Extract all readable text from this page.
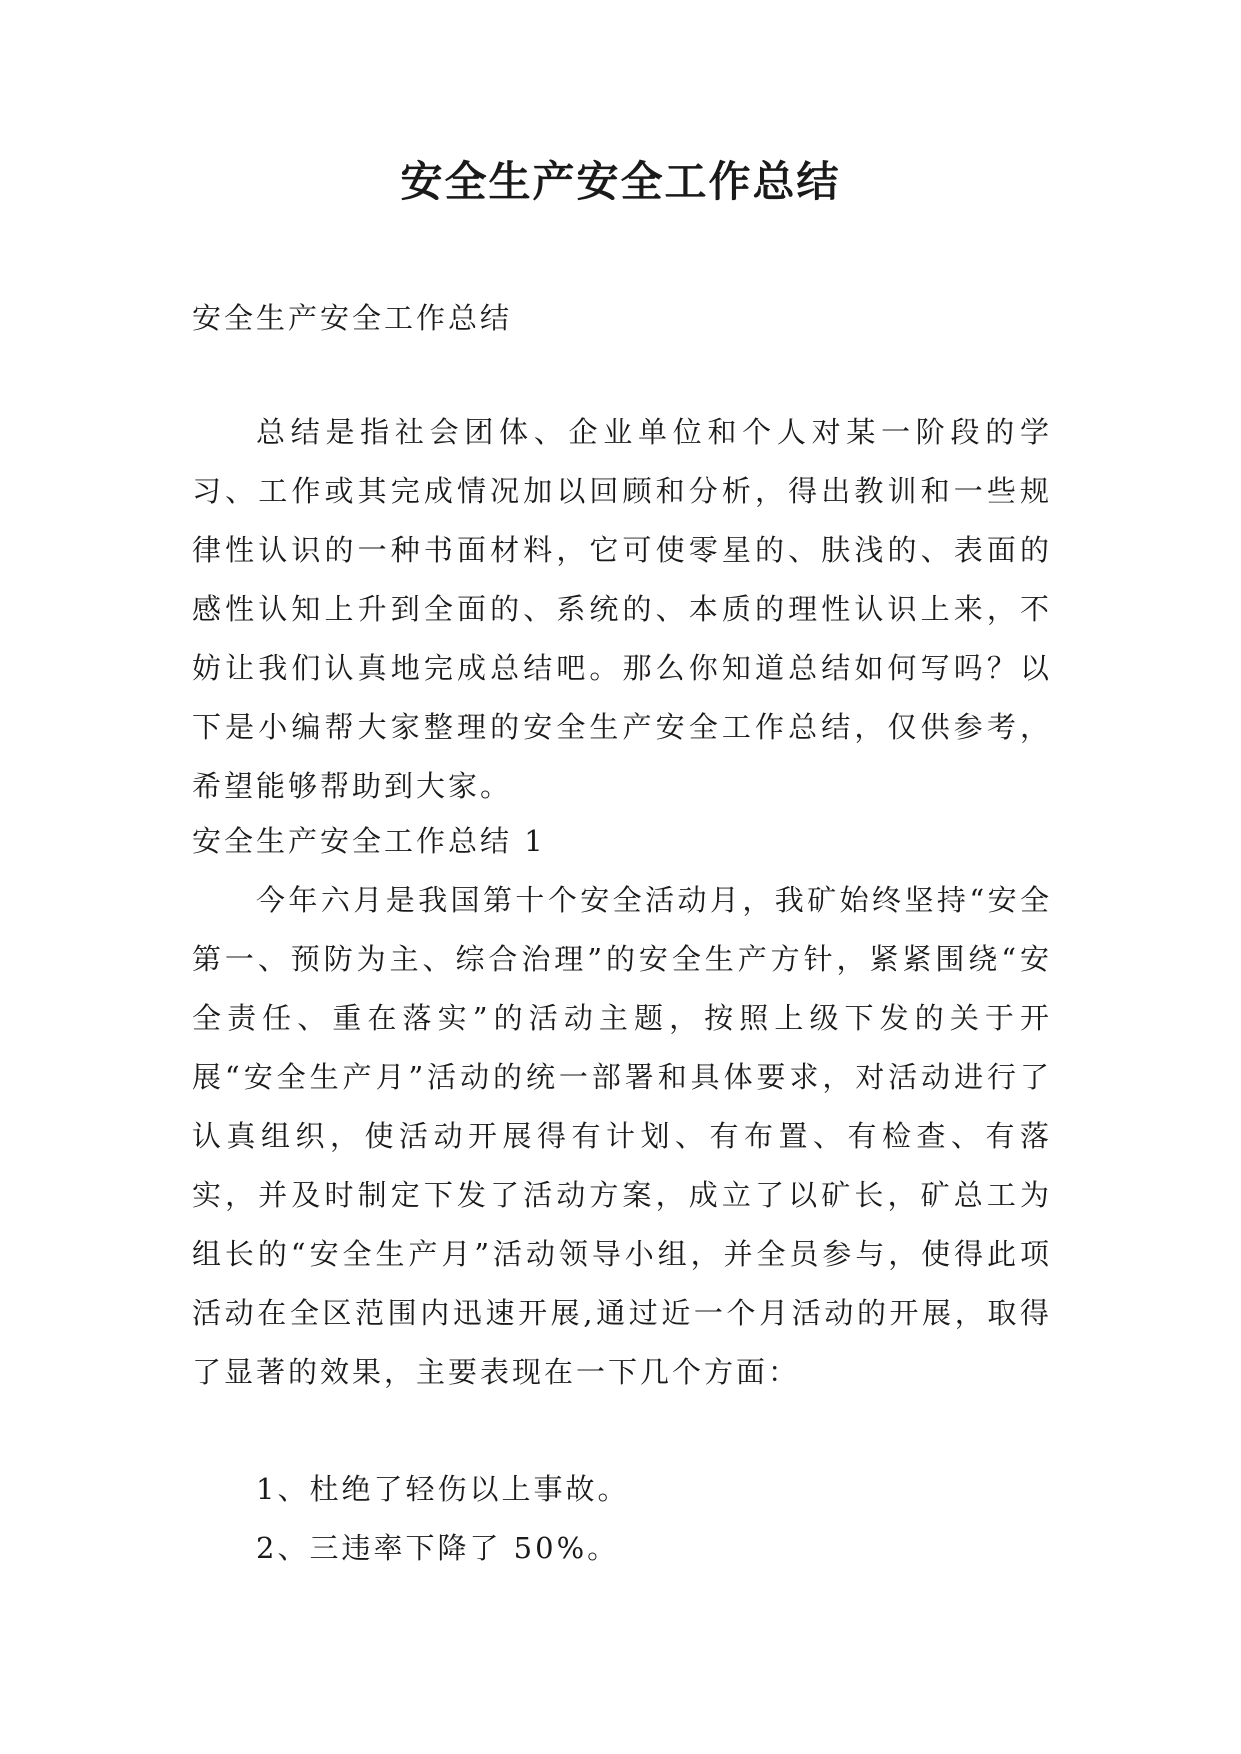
安全生产安全工作总结

安全生产安全工作总结

总结是指社会团体、企业单位和个人对某一阶段的学习、工作或其完成情况加以回顾和分析，得出教训和一些规律性认识的一种书面材料，它可使零星的、肤浅的、表面的感性认知上升到全面的、系统的、本质的理性认识上来，不妨让我们认真地完成总结吧。那么你知道总结如何写吗？以下是小编帮大家整理的安全生产安全工作总结，仅供参考，希望能够帮助到大家。

安全生产安全工作总结 1

今年六月是我国第十个安全活动月，我矿始终坚持“安全第一、预防为主、综合治理”的安全生产方针，紧紧围绕“安全责任、重在落实”的活动主题，按照上级下发的关于开展“安全生产月”活动的统一部署和具体要求，对活动进行了认真组织，使活动开展得有计划、有布置、有检查、有落实，并及时制定下发了活动方案，成立了以矿长，矿总工为组长的“安全生产月”活动领导小组，并全员参与，使得此项活动在全区范围内迅速开展,通过近一个月活动的开展，取得了显著的效果，主要表现在一下几个方面：

1、杜绝了轻伤以上事故。
2、三违率下降了 50%。
